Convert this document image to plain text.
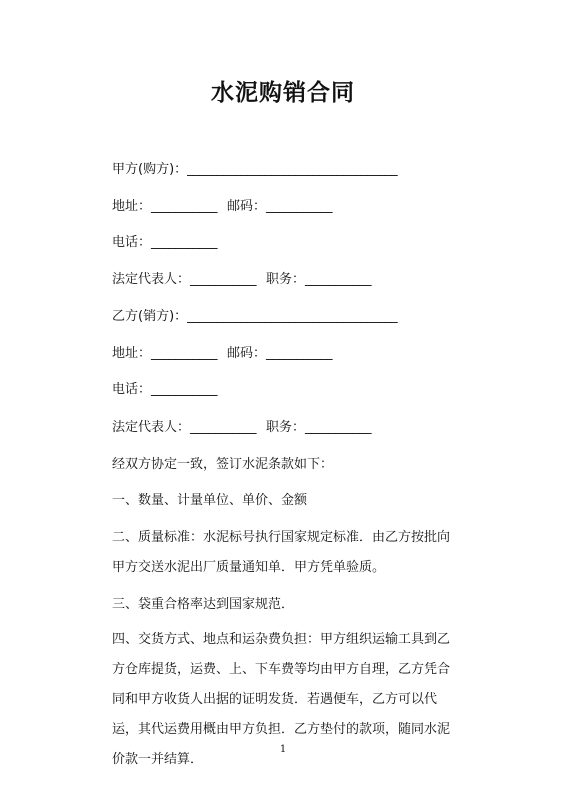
水泥购销合同
甲方(购方)：___________________________________
地址：___________ 邮码：___________
电话：___________
法定代表人：___________ 职务：___________
乙方(销方)：___________________________________
地址：___________ 邮码：___________
电话：___________
法定代表人：___________ 职务：___________
经双方协定一致，签订水泥条款如下：
一、数量、计量单位、单价、金额
二、质量标准：水泥标号执行国家规定标准．由乙方按批向甲方交送水泥出厂质量通知单．甲方凭单验质。
三、袋重合格率达到国家规范．
四、交货方式、地点和运杂费负担：甲方组织运输工具到乙方仓库提货，运费、上、下车费等均由甲方自理，乙方凭合同和甲方收货人出据的证明发货．若遇便车，乙方可以代运，其代运费用概由甲方负担．乙方垫付的款项，随同水泥价款一并结算．
1
